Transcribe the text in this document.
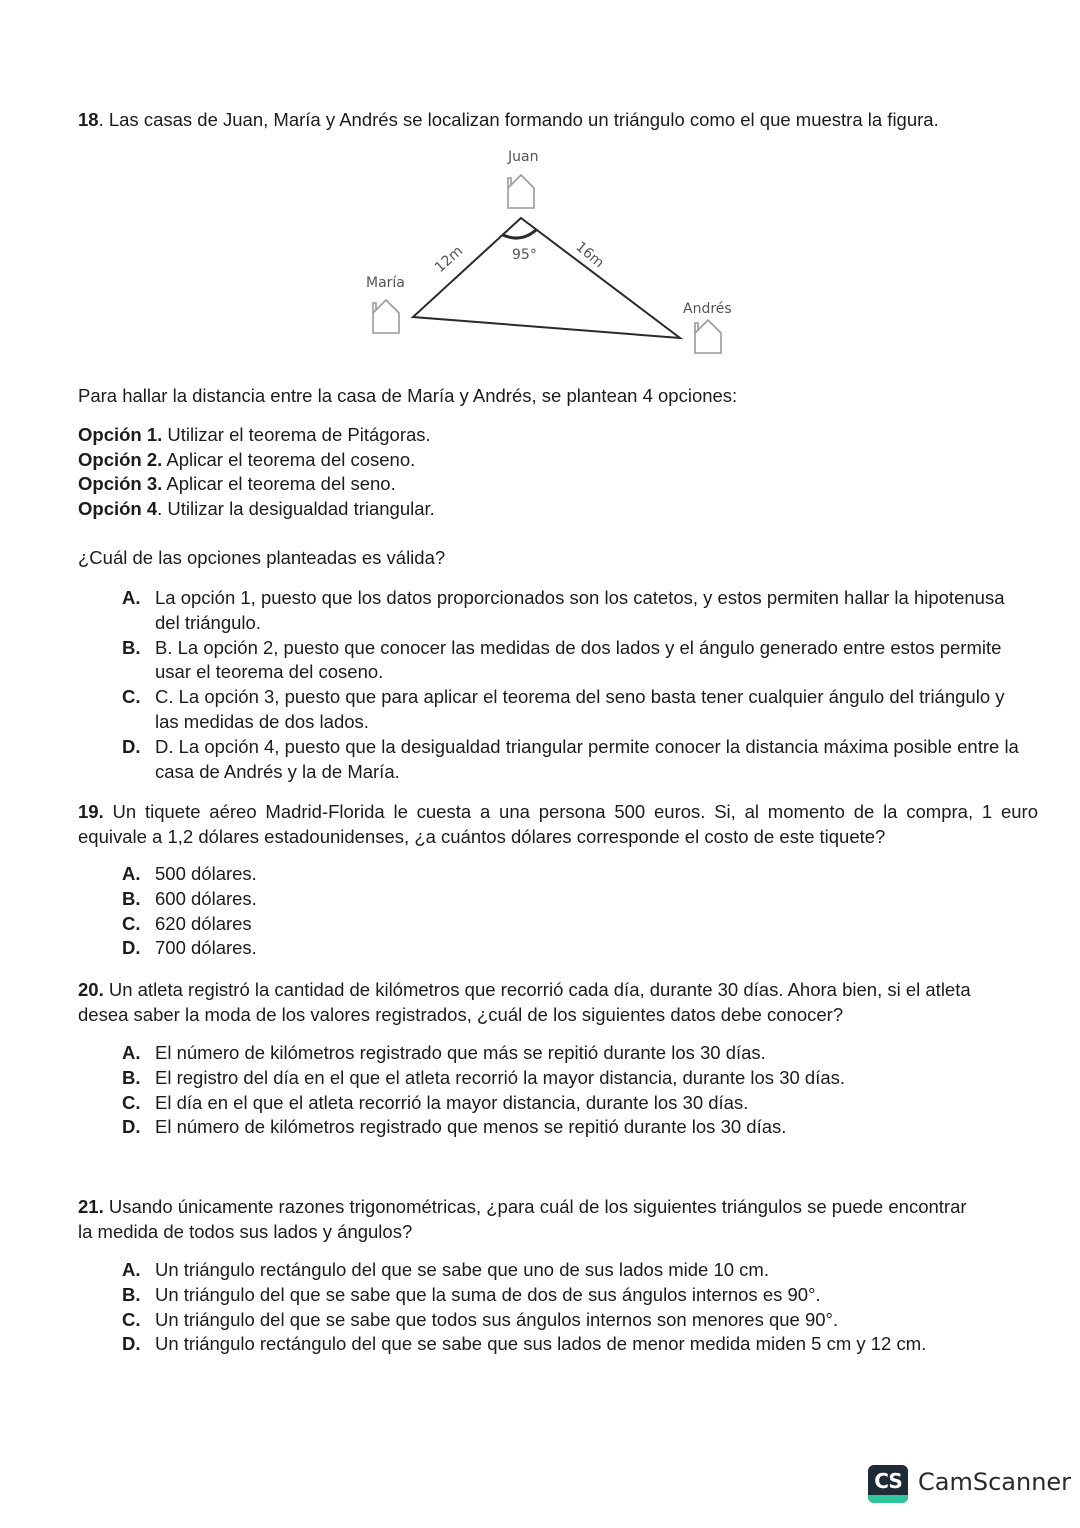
18. Las casas de Juan, María y Andrés se localizan formando un triángulo como el que muestra la figura.
Juan
María
Andrés
95°
12m	16m
Para hallar la distancia entre la casa de María y Andrés, se plantean 4 opciones:
Opción 1. Utilizar el teorema de Pitágoras.
Opción 2. Aplicar el teorema del coseno.
Opción 3. Aplicar el teorema del seno.
Opción 4. Utilizar la desigualdad triangular.
¿Cuál de las opciones planteadas es válida?
A. La opción 1, puesto que los datos proporcionados son los catetos, y estos permiten hallar la hipotenusa del triángulo.
B. B. La opción 2, puesto que conocer las medidas de dos lados y el ángulo generado entre estos permite usar el teorema del coseno.
C. C. La opción 3, puesto que para aplicar el teorema del seno basta tener cualquier ángulo del triángulo y las medidas de dos lados.
D. D. La opción 4, puesto que la desigualdad triangular permite conocer la distancia máxima posible entre la casa de Andrés y la de María.
19. Un tiquete aéreo Madrid-Florida le cuesta a una persona 500 euros. Si, al momento de la compra, 1 euro equivale a 1,2 dólares estadounidenses, ¿a cuántos dólares corresponde el costo de este tiquete?
A. 500 dólares.
B. 600 dólares.
C. 620 dólares
D. 700 dólares.
20. Un atleta registró la cantidad de kilómetros que recorrió cada día, durante 30 días. Ahora bien, si el atleta desea saber la moda de los valores registrados, ¿cuál de los siguientes datos debe conocer?
A. El número de kilómetros registrado que más se repitió durante los 30 días.
B. El registro del día en el que el atleta recorrió la mayor distancia, durante los 30 días.
C. El día en el que el atleta recorrió la mayor distancia, durante los 30 días.
D. El número de kilómetros registrado que menos se repitió durante los 30 días.
21. Usando únicamente razones trigonométricas, ¿para cuál de los siguientes triángulos se puede encontrar la medida de todos sus lados y ángulos?
A. Un triángulo rectángulo del que se sabe que uno de sus lados mide 10 cm.
B. Un triángulo del que se sabe que la suma de dos de sus ángulos internos es 90°.
C. Un triángulo del que se sabe que todos sus ángulos internos son menores que 90°.
D. Un triángulo rectángulo del que se sabe que sus lados de menor medida miden 5 cm y 12 cm.
CS CamScanner
